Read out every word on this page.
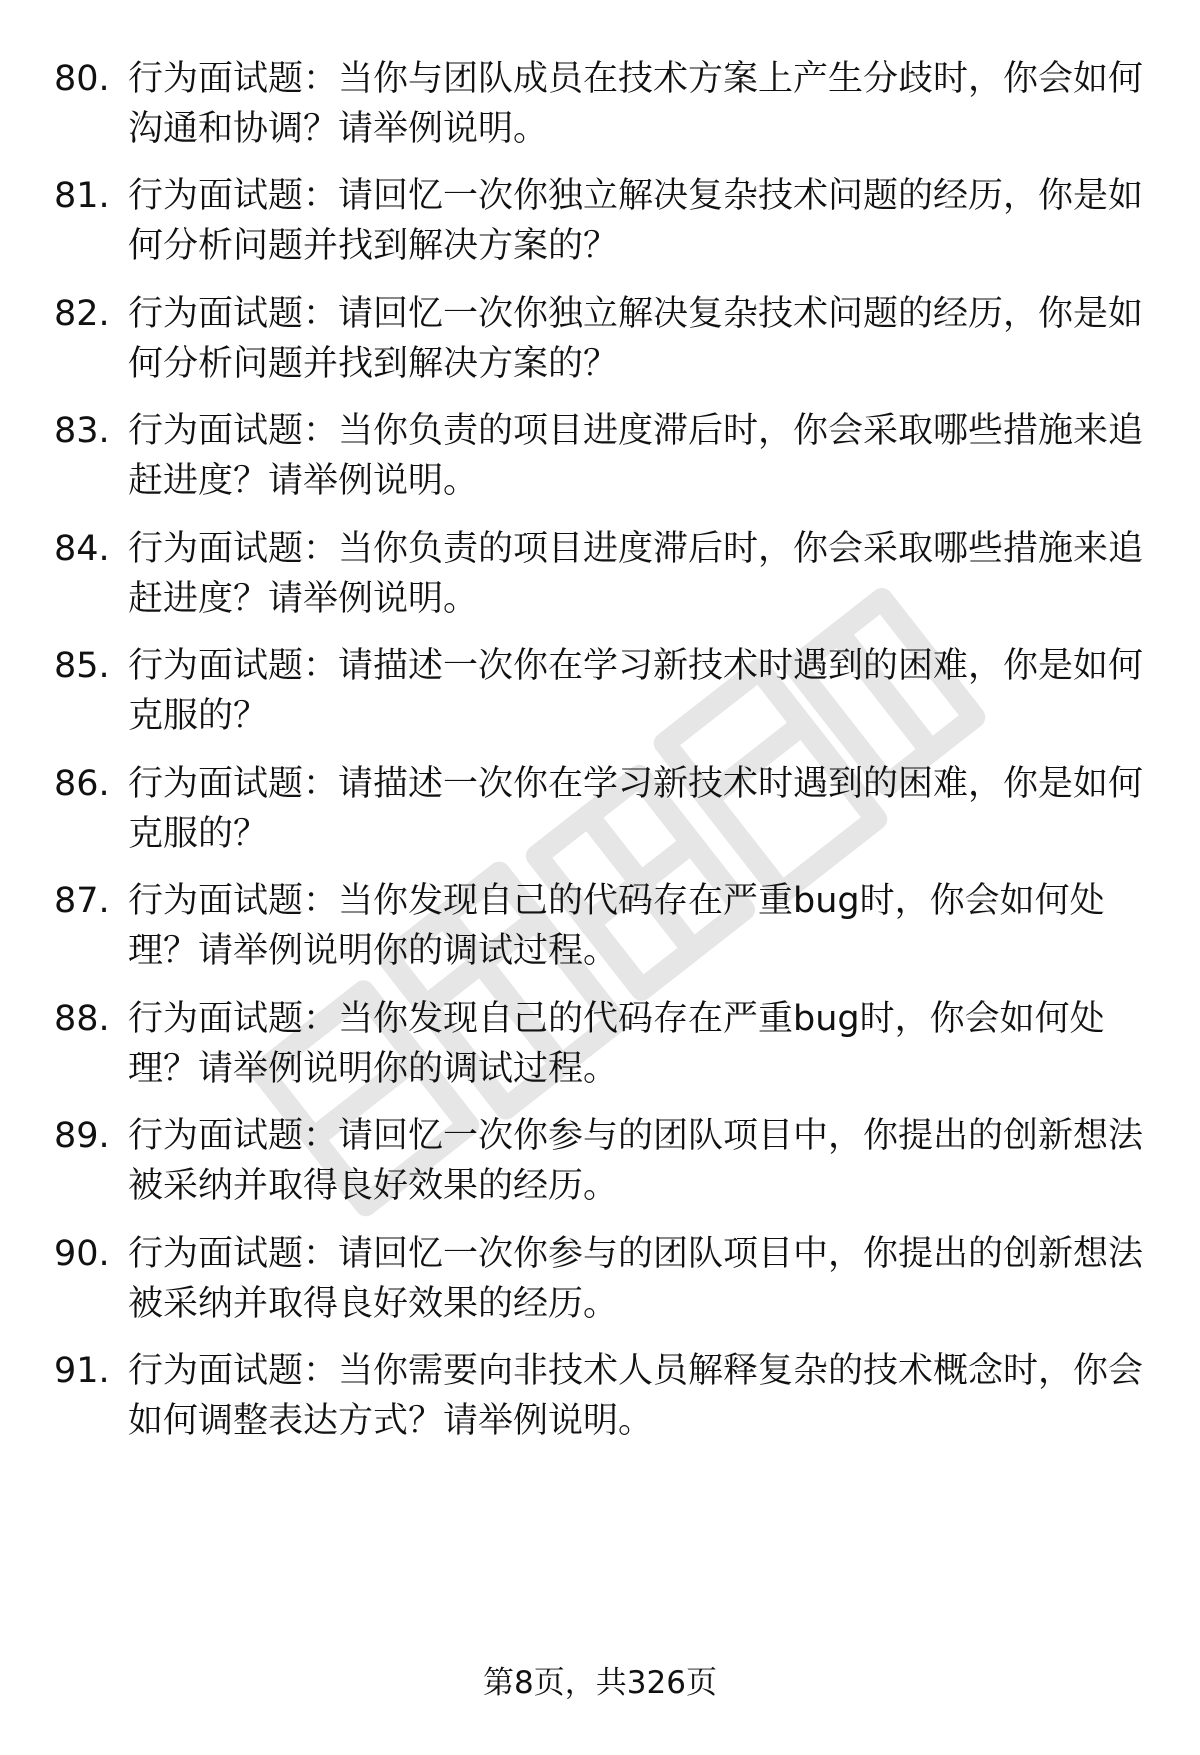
80. 行为面试题：当你与团队成员在技术方案上产生分歧时，你会如何沟通和协调？请举例说明。
81. 行为面试题：请回忆一次你独立解决复杂技术问题的经历，你是如何分析问题并找到解决方案的？
82. 行为面试题：请回忆一次你独立解决复杂技术问题的经历，你是如何分析问题并找到解决方案的？
83. 行为面试题：当你负责的项目进度滞后时，你会采取哪些措施来追赶进度？请举例说明。
84. 行为面试题：当你负责的项目进度滞后时，你会采取哪些措施来追赶进度？请举例说明。
85. 行为面试题：请描述一次你在学习新技术时遇到的困难，你是如何克服的？
86. 行为面试题：请描述一次你在学习新技术时遇到的困难，你是如何克服的？
87. 行为面试题：当你发现自己的代码存在严重bug时，你会如何处理？请举例说明你的调试过程。
88. 行为面试题：当你发现自己的代码存在严重bug时，你会如何处理？请举例说明你的调试过程。
89. 行为面试题：请回忆一次你参与的团队项目中，你提出的创新想法被采纳并取得良好效果的经历。
90. 行为面试题：请回忆一次你参与的团队项目中，你提出的创新想法被采纳并取得良好效果的经历。
91. 行为面试题：当你需要向非技术人员解释复杂的技术概念时，你会如何调整表达方式？请举例说明。
第8页，共326页
